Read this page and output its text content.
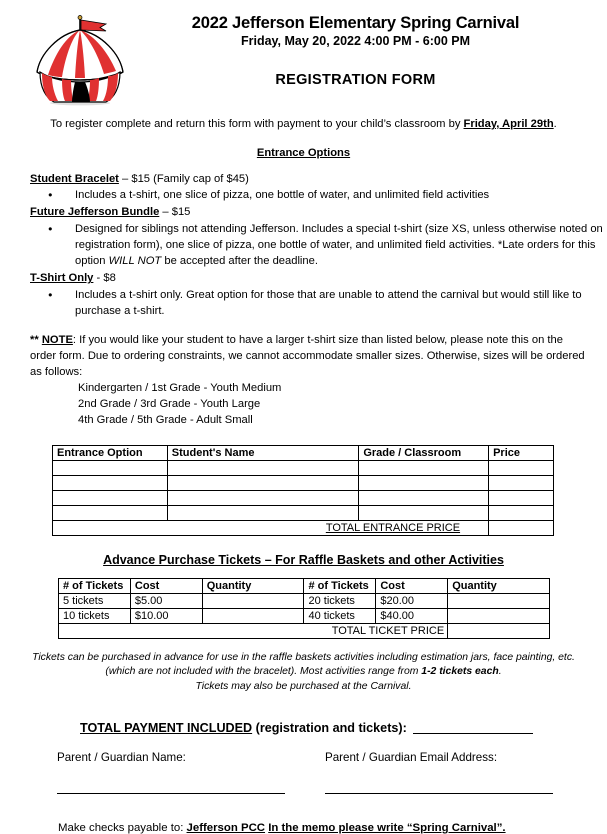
2022 Jefferson Elementary Spring Carnival
Friday, May 20, 2022 4:00 PM - 6:00 PM
REGISTRATION FORM
To register complete and return this form with payment to your child’s classroom by Friday, April 29th.
Entrance Options
Student Bracelet – $15 (Family cap of $45)
● Includes a t-shirt, one slice of pizza, one bottle of water, and unlimited field activities
Future Jefferson Bundle – $15
● Designed for siblings not attending Jefferson. Includes a special t-shirt (size XS, unless otherwise noted on registration form), one slice of pizza, one bottle of water, and unlimited field activities. *Late orders for this option WILL NOT be accepted after the deadline.
T-Shirt Only - $8
● Includes a t-shirt only. Great option for those that are unable to attend the carnival but would still like to purchase a t-shirt.
** NOTE: If you would like your student to have a larger t-shirt size than listed below, please note this on the order form. Due to ordering constraints, we cannot accommodate smaller sizes. Otherwise, sizes will be ordered as follows:
Kindergarten / 1st Grade - Youth Medium
2nd Grade / 3rd Grade - Youth Large
4th Grade / 5th Grade - Adult Small
Entrance Option	Student's Name	Grade / Classroom	Price

TOTAL ENTRANCE PRICE			
Advance Purchase Tickets – For Raffle Baskets and other Activities
# of Tickets	Cost	Quantity	# of Tickets	Cost	Quantity
5 tickets	$5.00		20 tickets	$20.00	
10 tickets	$10.00		40 tickets	$40.00	
TOTAL TICKET PRICE					
Tickets can be purchased in advance for use in the raffle baskets activities including estimation jars, face painting, etc.
(which are not included with the bracelet). Most activities range from 1-2 tickets each.
Tickets may also be purchased at the Carnival.
TOTAL PAYMENT INCLUDED (registration and tickets):
Parent / Guardian Name:	Parent / Guardian Email Address:
Make checks payable to: Jefferson PCC In the memo please write “Spring Carnival”.
